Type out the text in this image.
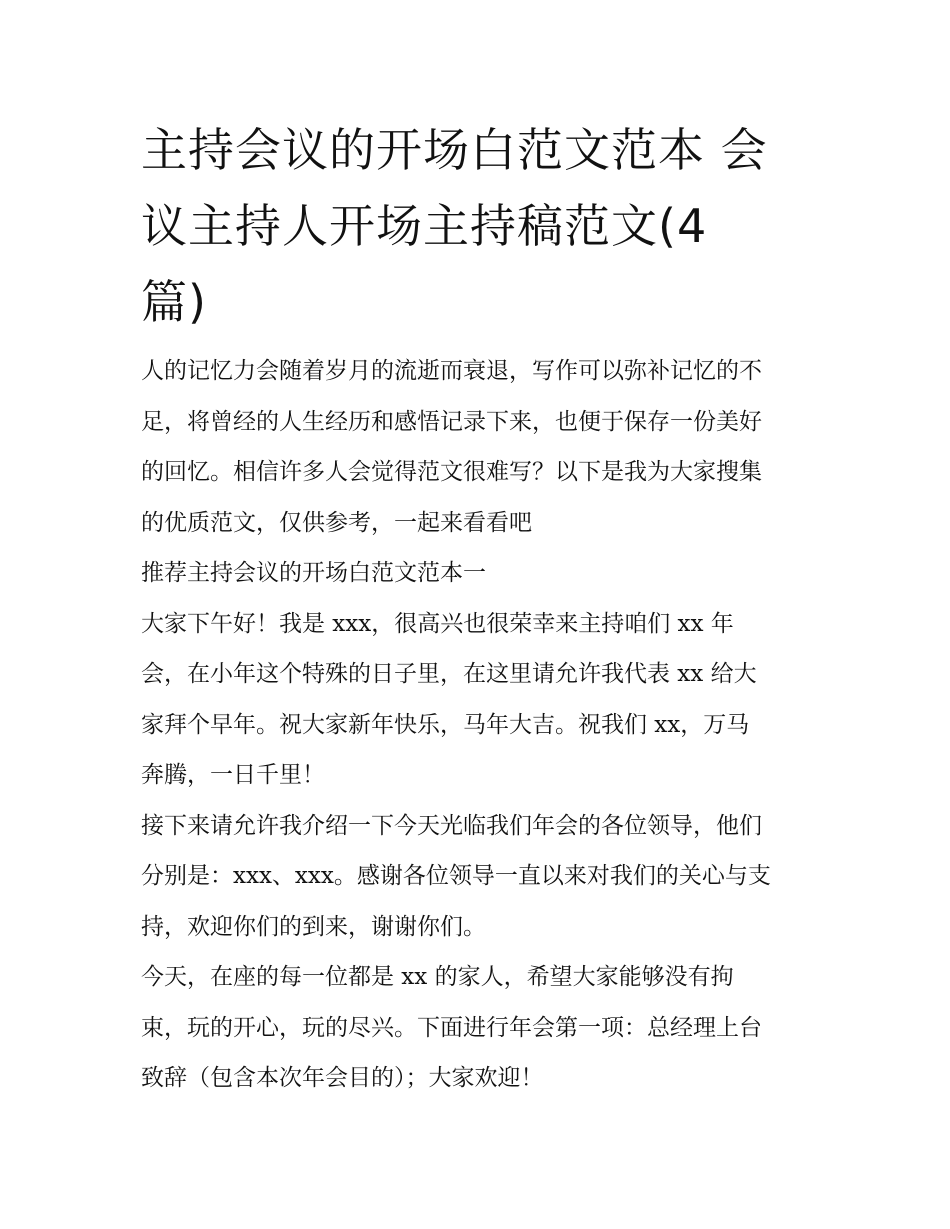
主持会议的开场白范文范本 会
议主持人开场主持稿范文(4
篇)
人的记忆力会随着岁月的流逝而衰退，写作可以弥补记忆的不
足，将曾经的人生经历和感悟记录下来，也便于保存一份美好
的回忆。相信许多人会觉得范文很难写？以下是我为大家搜集
的优质范文，仅供参考，一起来看看吧
推荐主持会议的开场白范文范本一
大家下午好！我是 xxx，很高兴也很荣幸来主持咱们 xx 年
会，在小年这个特殊的日子里，在这里请允许我代表 xx 给大
家拜个早年。祝大家新年快乐，马年大吉。祝我们 xx，万马
奔腾，一日千里！
接下来请允许我介绍一下今天光临我们年会的各位领导，他们
分别是：xxx、xxx。感谢各位领导一直以来对我们的关心与支
持，欢迎你们的到来，谢谢你们。
今天，在座的每一位都是 xx 的家人，希望大家能够没有拘
束，玩的开心，玩的尽兴。下面进行年会第一项：总经理上台
致辞（包含本次年会目的）；大家欢迎！
